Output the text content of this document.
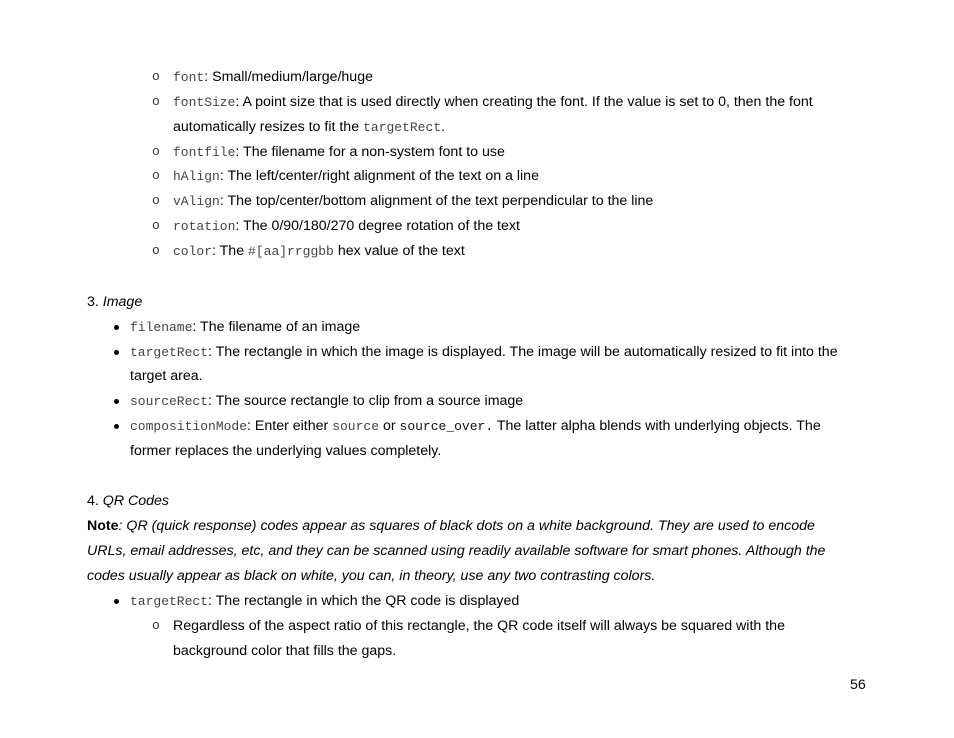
o font: Small/medium/large/huge
o fontSize: A point size that is used directly when creating the font. If the value is set to 0, then the font
automatically resizes to fit the targetRect.
o fontfile: The filename for a non-system font to use
o hAlign: The left/center/right alignment of the text on a line
o vAlign: The top/center/bottom alignment of the text perpendicular to the line
o rotation: The 0/90/180/270 degree rotation of the text
o color: The #[aa]rrggbb hex value of the text
3. Image
filename: The filename of an image
targetRect: The rectangle in which the image is displayed. The image will be automatically resized to fit into the
target area.
sourceRect: The source rectangle to clip from a source image
compositionMode: Enter either source or source_over. The latter alpha blends with underlying objects. The
former replaces the underlying values completely.
4. QR Codes
Note: QR (quick response) codes appear as squares of black dots on a white background. They are used to encode
URLs, email addresses, etc, and they can be scanned using readily available software for smart phones. Although the
codes usually appear as black on white, you can, in theory, use any two contrasting colors.
targetRect: The rectangle in which the QR code is displayed
o Regardless of the aspect ratio of this rectangle, the QR code itself will always be squared with the
background color that fills the gaps.
56
